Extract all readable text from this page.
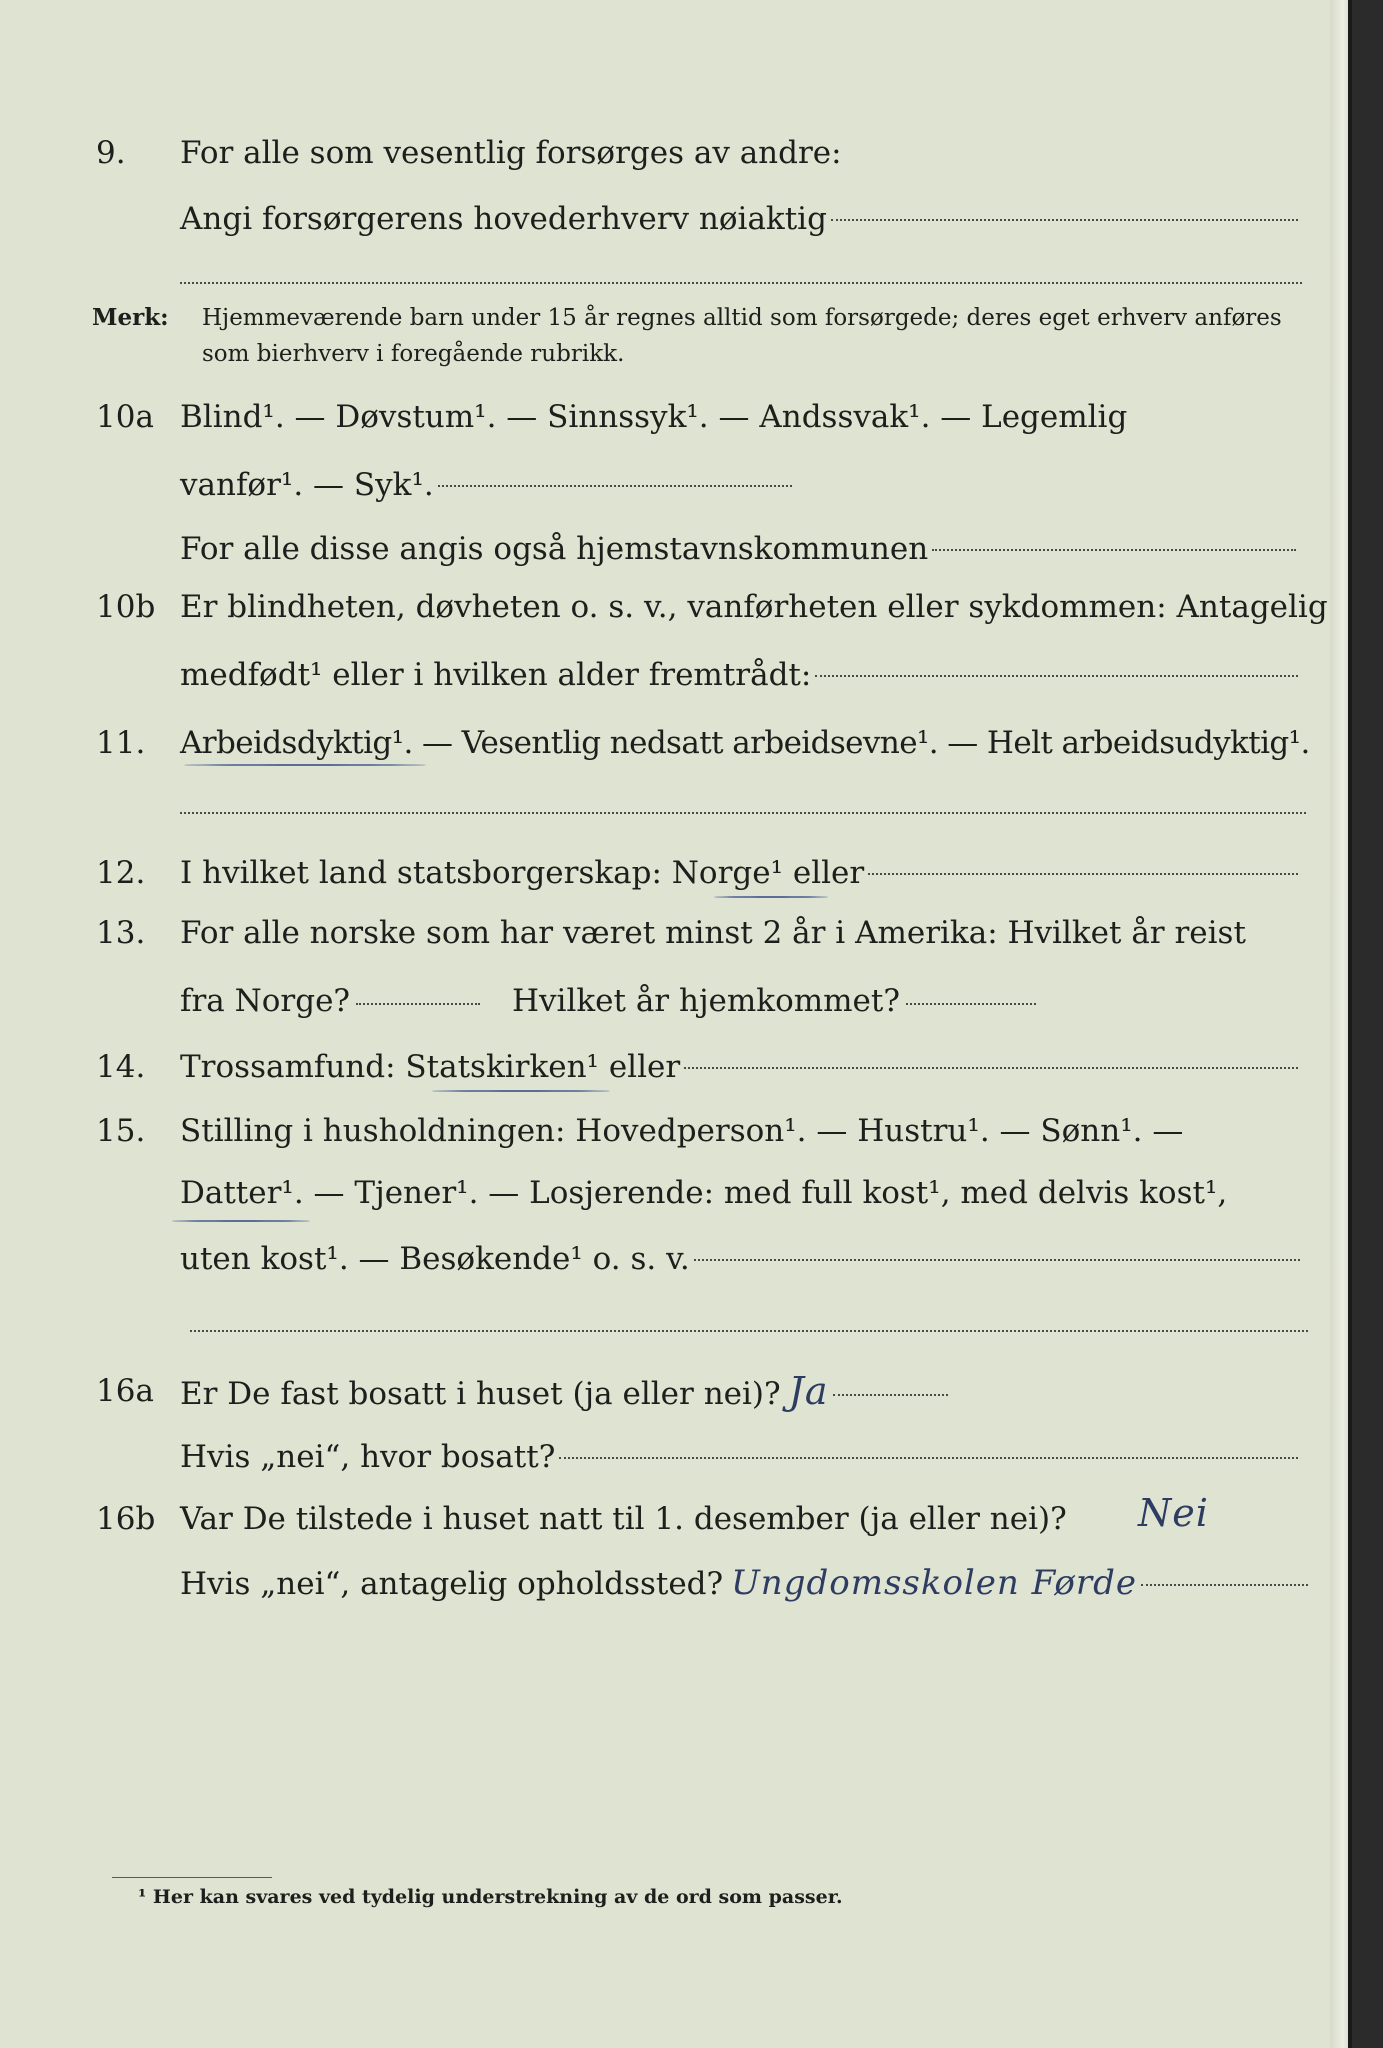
9. For alle som vesentlig forsørges av andre:
Angi forsørgerens hovederhverv nøiaktig
Merk: Hjemmeværende barn under 15 år regnes alltid som forsørgede; deres eget erhverv anføres som bierhverv i foregående rubrikk.
10a Blind¹. — Døvstum¹. — Sinnssyk¹. — Andssvak¹. — Legemlig
vanfør¹. — Syk¹.
For alle disse angis også hjemstavnskommunen
10b Er blindheten, døvheten o. s. v., vanførheten eller sykdommen: Antagelig
medfødt¹ eller i hvilken alder fremtrådt:
11. Arbeidsdyktig¹. — Vesentlig nedsatt arbeidsevne¹. — Helt arbeidsudyktig¹.
12. I hvilket land statsborgerskap: Norge¹ eller
13. For alle norske som har været minst 2 år i Amerika: Hvilket år reist
fra Norge?	Hvilket år hjemkommet?
14. Trossamfund: Statskirken¹ eller
15. Stilling i husholdningen: Hovedperson¹. — Hustru¹. — Sønn¹. —
Datter¹. — Tjener¹. — Losjerende: med full kost¹, med delvis kost¹,
uten kost¹. — Besøkende¹ o. s. v.
16a Er De fast bosatt i huset (ja eller nei)? Ja
Hvis „nei“, hvor bosatt?
16b Var De tilstede i huset natt til 1. desember (ja eller nei)? Nei
Hvis „nei“, antagelig opholdssted? Ungdomsskolen Førde
¹ Her kan svares ved tydelig understrekning av de ord som passer.
